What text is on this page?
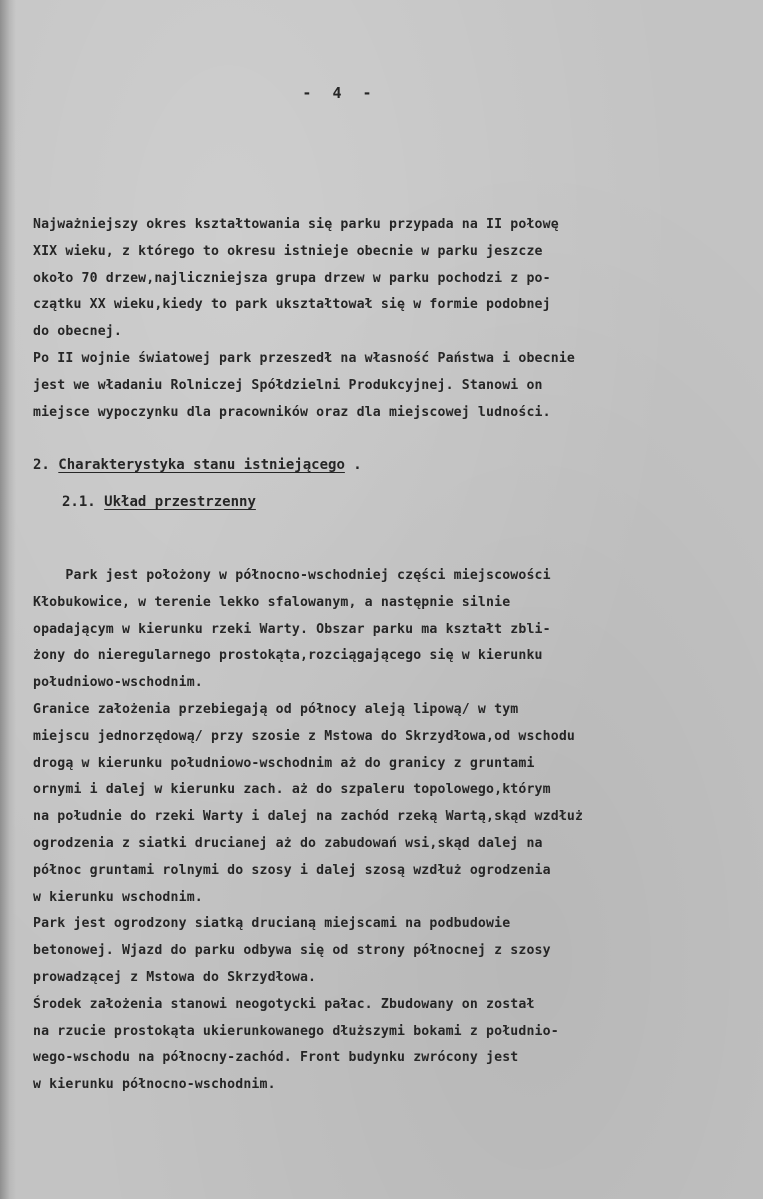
- 4 -
Najważniejszy okres kształtowania się parku przypada na II połowę
XIX wieku, z którego to okresu istnieje obecnie w parku jeszcze
około 70 drzew,najliczniejsza grupa drzew w parku pochodzi z po-
czątku XX wieku,kiedy to park ukształtował się w formie podobnej
do obecnej.
Po II wojnie światowej park przeszedł na własność Państwa i obecnie
jest we władaniu Rolniczej Spółdzielni Produkcyjnej. Stanowi on
miejsce wypoczynku dla pracowników oraz dla miejscowej ludności.
2. Charakterystyka stanu istniejącego .
2.1. Układ przestrzenny
Park jest położony w północno-wschodniej części miejscowości
Kłobukowice, w terenie lekko sfalowanym, a następnie silnie
opadającym w kierunku rzeki Warty. Obszar parku ma kształt zbli-
żony do nieregularnego prostokąta,rozciągającego się w kierunku
południowo-wschodnim.
Granice założenia przebiegają od północy aleją lipową/ w tym
miejscu jednorzędową/ przy szosie z Mstowa do Skrzydłowa,od wschodu
drogą w kierunku południowo-wschodnim aż do granicy z gruntami
ornymi i dalej w kierunku zach. aż do szpaleru topolowego,którym
na południe do rzeki Warty i dalej na zachód rzeką Wartą,skąd wzdłuż
ogrodzenia z siatki drucianej aż do zabudowań wsi,skąd dalej na
północ gruntami rolnymi do szosy i dalej szosą wzdłuż ogrodzenia
w kierunku wschodnim.
Park jest ogrodzony siatką drucianą miejscami na podbudowie
betonowej. Wjazd do parku odbywa się od strony północnej z szosy
prowadzącej z Mstowa do Skrzydłowa.
Środek założenia stanowi neogotycki pałac. Zbudowany on został
na rzucie prostokąta ukierunkowanego dłuższymi bokami z południo-
wego-wschodu na północny-zachód. Front budynku zwrócony jest
w kierunku północno-wschodnim.
